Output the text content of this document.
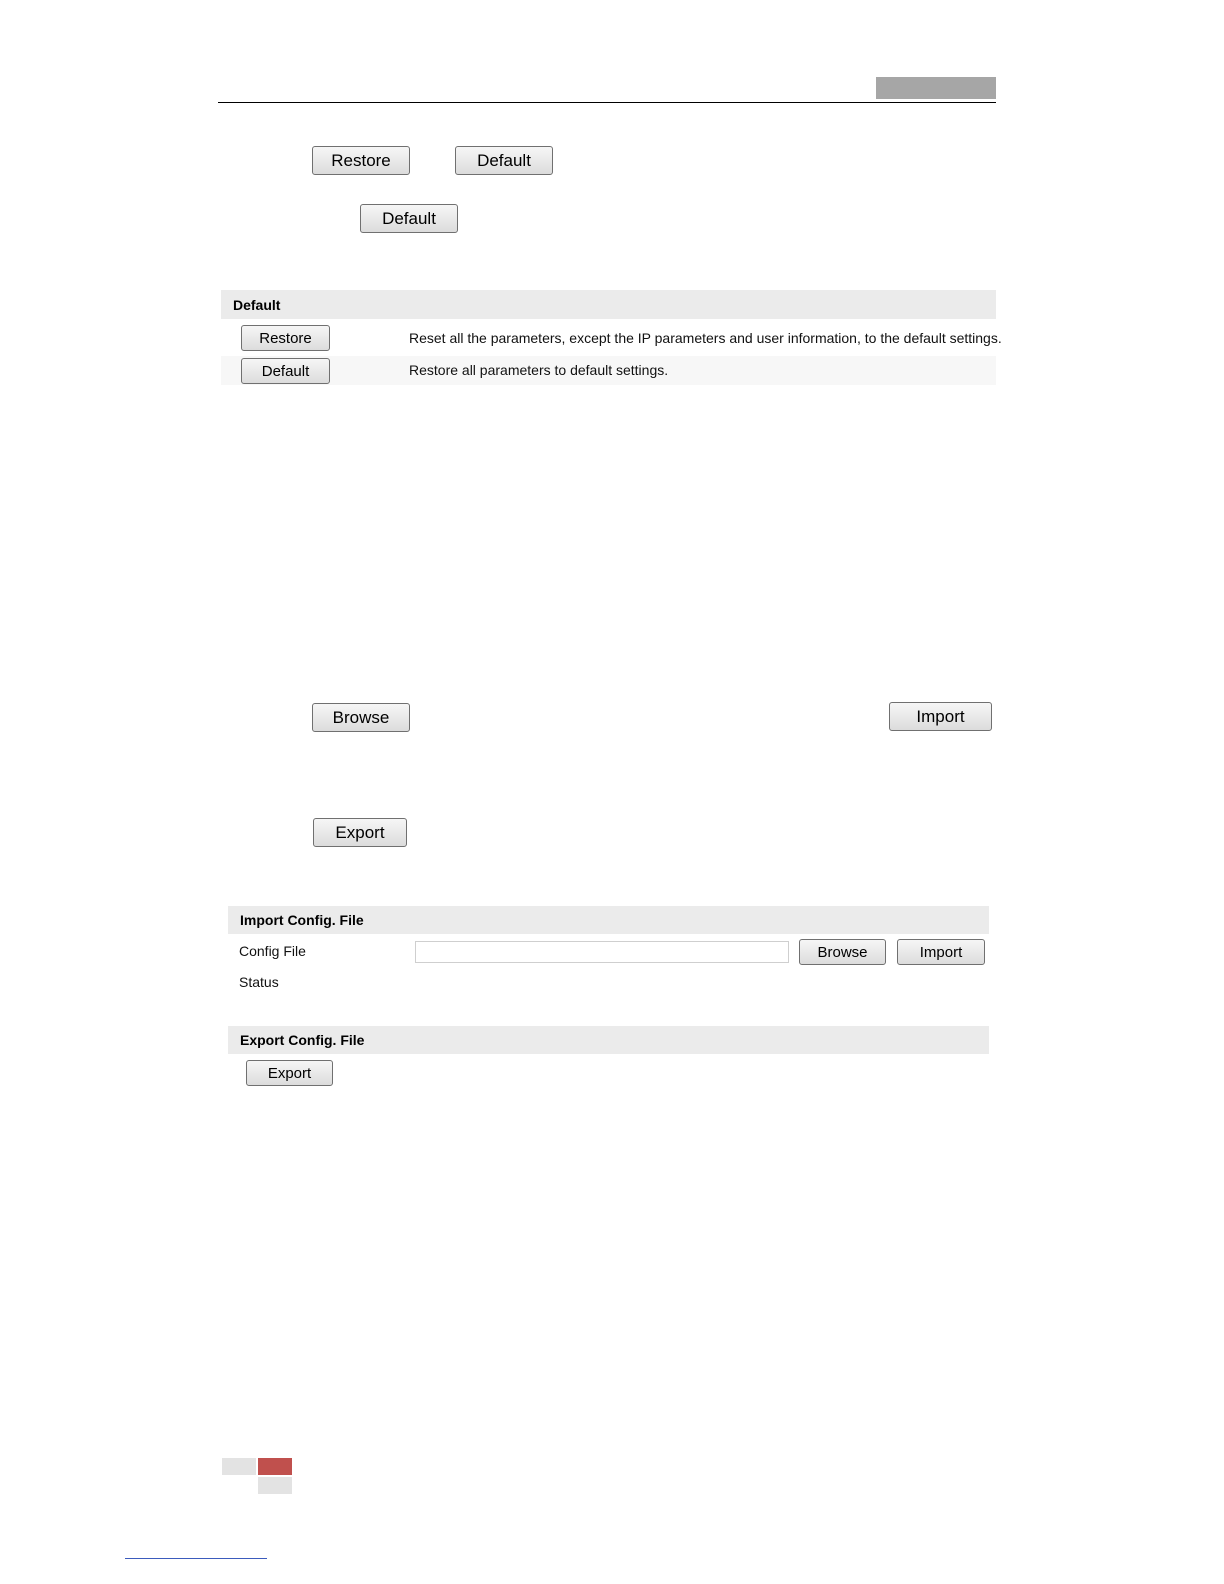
Restore	Default
Default
Default
Restore	Reset all the parameters, except the IP parameters and user information, to the default settings.
Default	Restore all parameters to default settings.
Browse	Import
Export
Import Config. File
Config File	Browse	Import
Status
Export Config. File
Export
